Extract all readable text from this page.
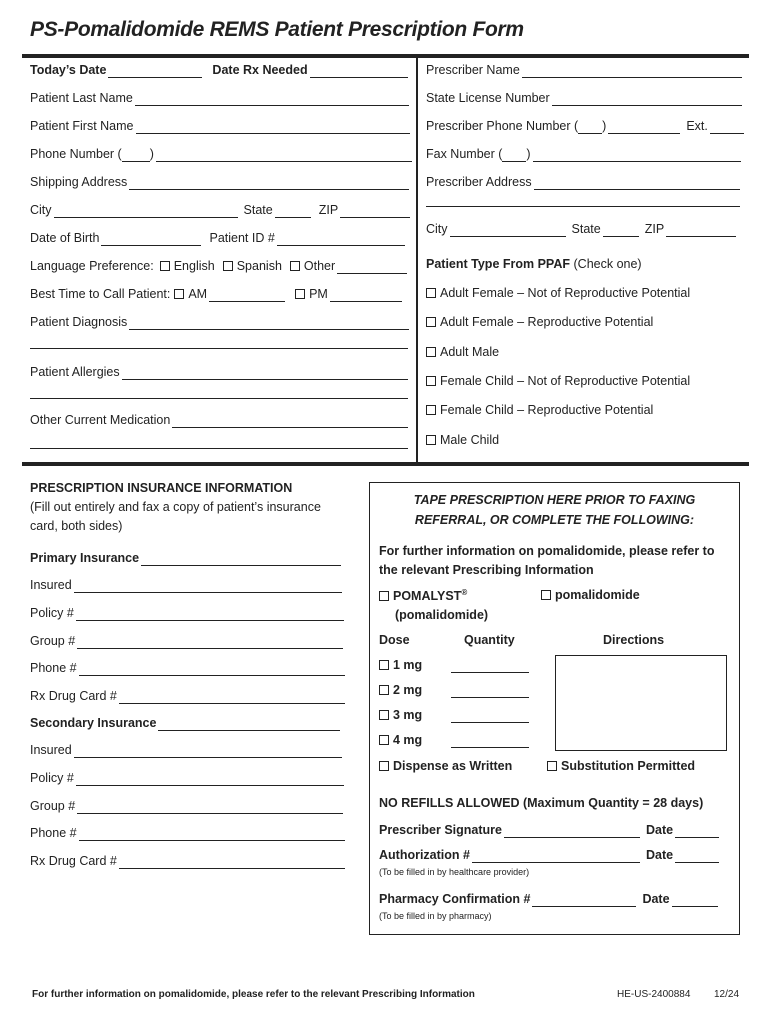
PS-Pomalidomide REMS Patient Prescription Form
Today’s Date	Date Rx Needed
Patient Last Name
Patient First Name
Phone Number ( )
Shipping Address
City	State	ZIP
Date of Birth	Patient ID #
Language Preference:	English	Spanish	Other
Best Time to Call Patient:	AM	PM
Patient Diagnosis
Patient Allergies
Other Current Medication
Prescriber Name
State License Number
Prescriber Phone Number ( )	Ext.
Fax Number ( )
Prescriber Address
City	State	ZIP
Patient Type From PPAF (Check one)
Adult Female – Not of Reproductive Potential
Adult Female – Reproductive Potential
Adult Male
Female Child – Not of Reproductive Potential
Female Child – Reproductive Potential
Male Child
PRESCRIPTION INSURANCE INFORMATION
(Fill out entirely and fax a copy of patient’s insurance
card, both sides)
Primary Insurance
Insured
Policy #
Group #
Phone #
Rx Drug Card #
Secondary Insurance
Insured
Policy #
Group #
Phone #
Rx Drug Card #
TAPE PRESCRIPTION HERE PRIOR TO FAXING
REFERRAL, OR COMPLETE THE FOLLOWING:
For further information on pomalidomide, please refer to
the relevant Prescribing Information
POMALYST®
(pomalidomide)
pomalidomide
Dose	Quantity	Directions
1 mg
2 mg
3 mg
4 mg
Dispense as Written	Substitution Permitted
NO REFILLS ALLOWED (Maximum Quantity = 28 days)
Prescriber Signature	Date
Authorization #	Date
(To be filled in by healthcare provider)
Pharmacy Confirmation #	Date
(To be filled in by pharmacy)
For further information on pomalidomide, please refer to the relevant Prescribing Information	HE-US-2400884 12/24
